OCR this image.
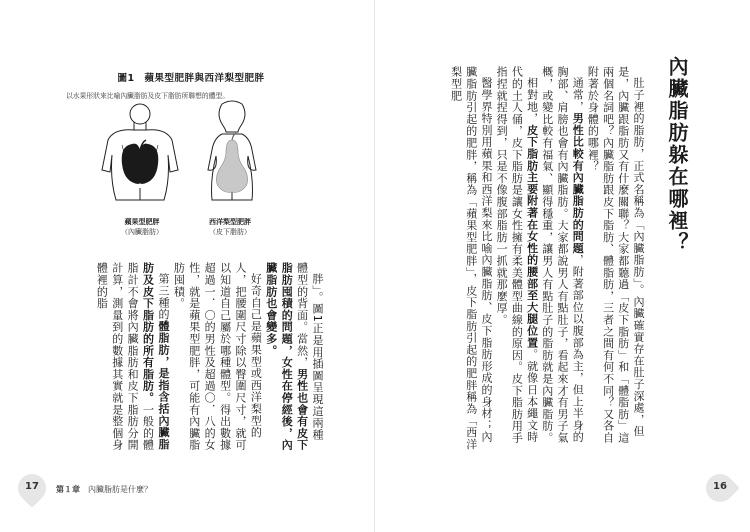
圖1　蘋果型肥胖與西洋梨型肥胖
以水果形狀來比喻內臟脂肪及皮下脂肪所聯想的體型。
蘋果型肥胖
（內臟脂肪）
西洋梨型肥胖
（皮下脂肪）
胖」。圖1正是用插圖呈現這兩種體型的背面。當然，男性也會有皮下脂肪囤積的問題，女性在停經後，內臟脂肪也會變多。
好奇自己是蘋果型或西洋梨型的人，把腰圍尺寸除以臀圍尺寸，就可以知道自己屬於哪種體型。得出數據超過一．〇的男性及超過〇．八的女性，就是蘋果型肥胖，可能有內臟脂肪囤積。
第三種的體脂肪，是指含括內臟脂肪及皮下脂肪的所有脂肪。一般的體脂計不會將內臟脂肪和皮下脂肪分開計算，測量到的數據其實就是整個身體裡的脂
17	第１章 內臟脂肪是什麼？
內臟脂肪躲在哪裡？
肚子裡的脂肪，正式名稱為「內臟脂肪」。內臟確實存在肚子深處，但是，內臟跟脂肪又有什麼關聯？大家都聽過「皮下脂肪」和「體脂肪」這兩個名詞吧？內臟脂肪跟皮下脂肪、體脂肪，三者之間有何不同？又各自附著於身體的哪裡？
通常，男性比較有內臟脂肪的問題，附著部位以腹部為主，但上半身的胸部、肩膀也會有內臟脂肪。大家都說男人有點肚子，看起來才有男子氣概，或變比較有福氣、顯得穩重，讓男人有點肚子的脂肪就是內臟脂肪。
相對地，皮下脂肪主要附著在女性的腰部至大腿位置。就像日本繩文時代的土人俑，皮下脂肪是讓女性擁有柔美體型曲線的原因。皮下脂肪用手指捏就捏得到，只是不像腹部脂肪一抓就那麼厚。
醫學界特別用蘋果和西洋梨來比喻內臟脂肪、皮下脂肪形成的身材；內臟脂肪引起的肥胖，稱為「蘋果型肥胖」，皮下脂肪引起的肥胖稱為「西洋梨型肥
16
